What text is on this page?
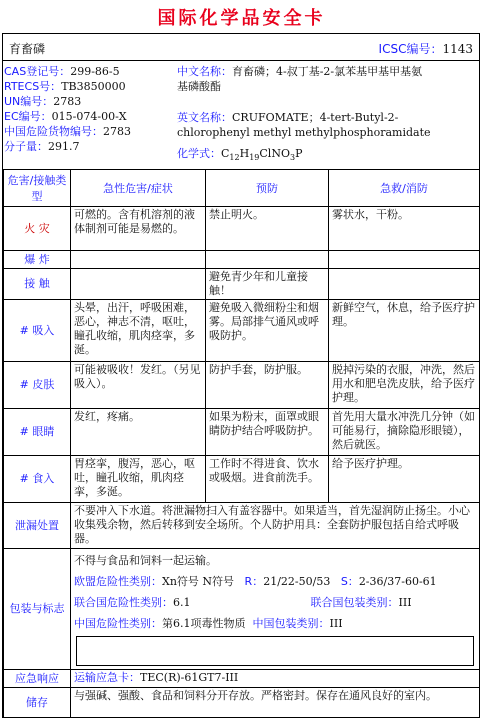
国际化学品安全卡
育畜磷	ICSC编号：1143
CAS登记号：299-86-5
RTECS号：TB3850000
UN编号：2783
EC编号：015-074-00-X
中国危险货物编号：2783
分子量：291.7
中文名称：育畜磷；4-叔丁基-2-氯苯基甲基甲基氨
基磷酸酯
英文名称：CRUFOMATE；4-tert-Butyl-2-
chlorophenyl methyl methylphosphoramidate
化学式：$C_{12}H_{19}ClNO_3P$
危害/接触类型	急性危害/症状	预防	急救/消防
火 灾	可燃的。含有机溶剂的液体制剂可能是易燃的。	禁止明火。	雾状水，干粉。
爆 炸			
接 触		避免青少年和儿童接触！	
# 吸入	头晕，出汗，呼吸困难，恶心，神志不清，呕吐，瞳孔收缩，肌肉痉挛，多涎。	避免吸入微细粉尘和烟雾。局部排气通风或呼吸防护。	新鲜空气，休息，给予医疗护理。
# 皮肤	可能被吸收！发红。（另见吸入）。	防护手套，防护服。	脱掉污染的衣服，冲洗，然后用水和肥皂洗皮肤，给予医疗护理。
# 眼睛	发红，疼痛。	如果为粉末，面罩或眼睛防护结合呼吸防护。	首先用大量水冲洗几分钟（如可能易行，摘除隐形眼镜），然后就医。
# 食入	胃痉挛，腹泻，恶心，呕吐，瞳孔收缩，肌肉痉挛，多涎。	工作时不得进食、饮水或吸烟。进食前洗手。	给予医疗护理。
泄漏处置	不要冲入下水道。将泄漏物扫入有盖容器中。如果适当，首先湿润防止扬尘。小心收集残余物，然后转移到安全场所。个人防护用具：全套防护服包括自给式呼吸器。		
包装与标志	不得与食品和饲料一起运输。
欧盟危险性类别：Xn符号 N符号 R：21/22-50/53 S：2-36/37-60-61
联合国危险性类别：6.1 联合国包装类别：III
中国危险性类别：第6.1项毒性物质 中国包装类别：III		

应急响应	运输应急卡：TEC(R)-61GT7-III		
储存	与强碱、强酸、食品和饲料分开存放。严格密封。保存在通风良好的室内。		
